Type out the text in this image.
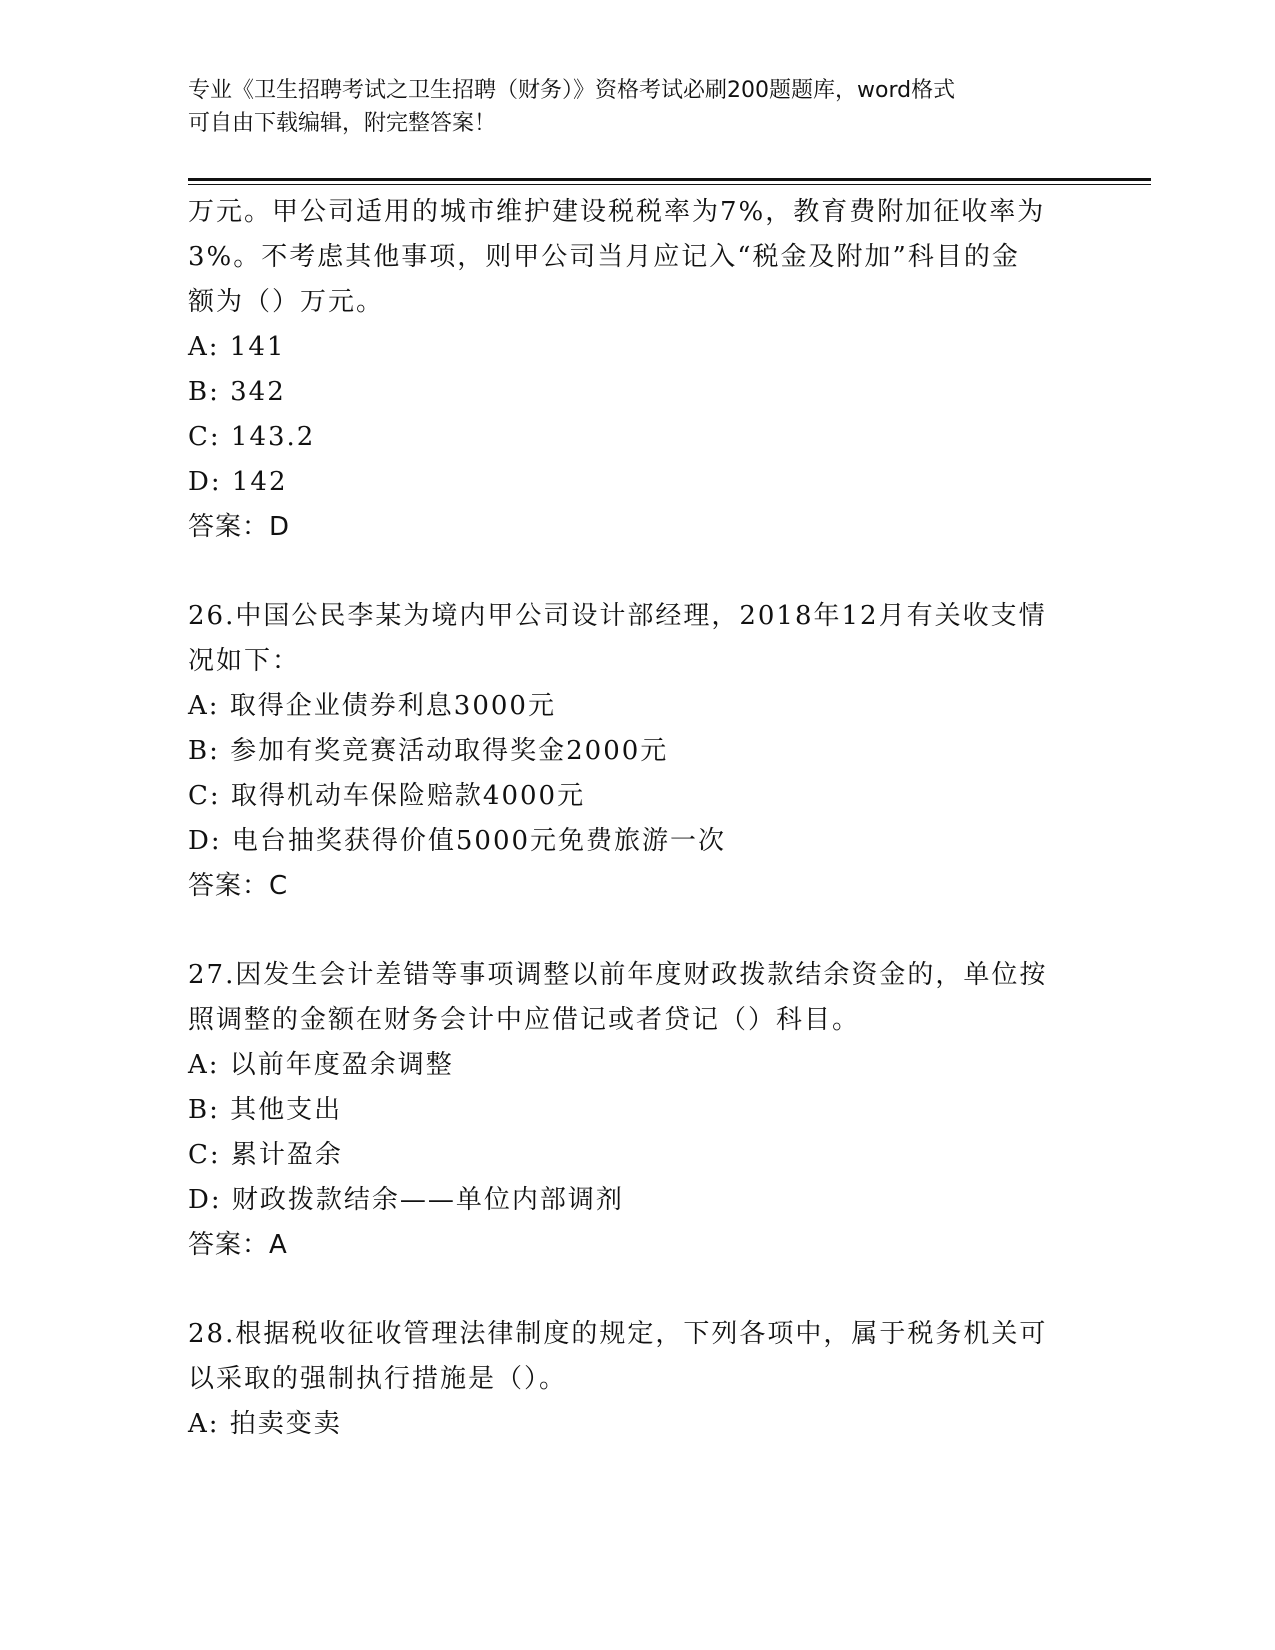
专业《卫生招聘考试之卫生招聘（财务）》资格考试必刷200题题库，word格式
可自由下载编辑，附完整答案！
万元。甲公司适用的城市维护建设税税率为7%，教育费附加征收率为
3%。不考虑其他事项，则甲公司当月应记入“税金及附加”科目的金
额为（）万元。
A: 141
B: 342
C: 143.2
D: 142
答案：D
26.中国公民李某为境内甲公司设计部经理，2018年12月有关收支情
况如下：
A: 取得企业债券利息3000元
B: 参加有奖竞赛活动取得奖金2000元
C: 取得机动车保险赔款4000元
D: 电台抽奖获得价值5000元免费旅游一次
答案：C
27.因发生会计差错等事项调整以前年度财政拨款结余资金的，单位按
照调整的金额在财务会计中应借记或者贷记（）科目。
A: 以前年度盈余调整
B: 其他支出
C: 累计盈余
D: 财政拨款结余——单位内部调剂
答案：A
28.根据税收征收管理法律制度的规定，下列各项中，属于税务机关可
以采取的强制执行措施是（）。
A: 拍卖变卖
